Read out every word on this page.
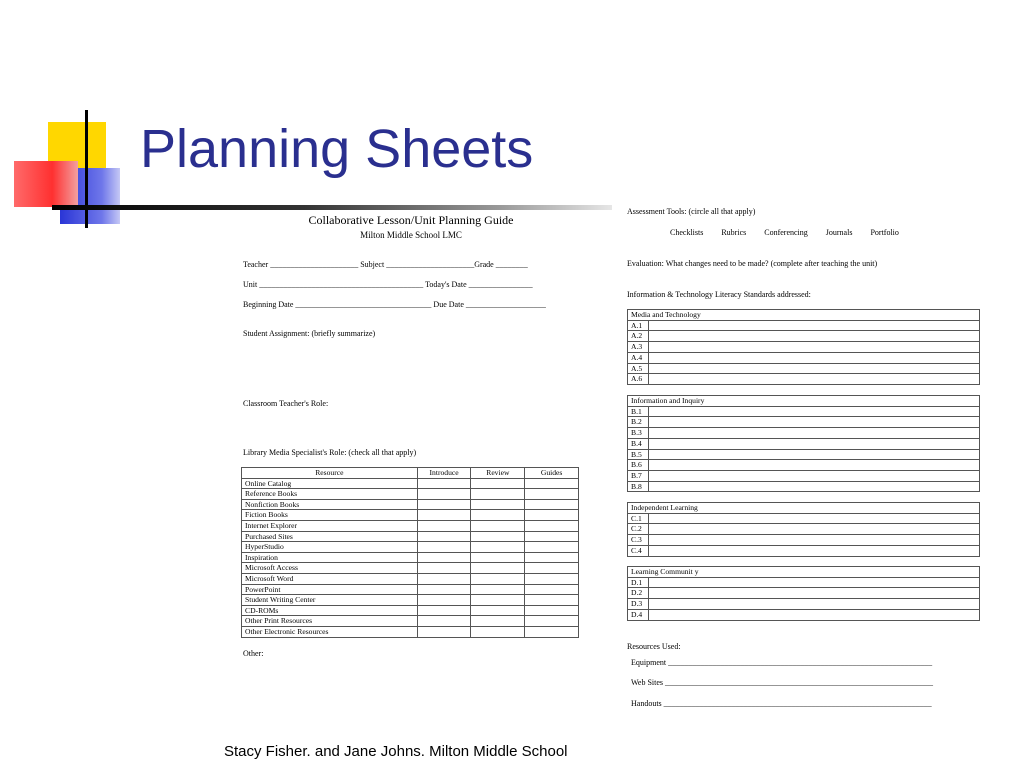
Planning Sheets
Collaborative Lesson/Unit Planning Guide
Milton Middle School LMC
Teacher ______________________ Subject ______________________Grade ________
Unit _________________________________________ Today's Date ________________
Beginning Date __________________________________ Due Date ____________________
Student Assignment: (briefly summarize)
Classroom Teacher's Role:
Library Media Specialist's Role: (check all that apply)
Resource	Introduce	Review	Guides
Online Catalog			
Reference Books			
Nonfiction Books			
Fiction Books			
Internet Explorer			
Purchased Sites			
HyperStudio			
Inspiration			
Microsoft Access			
Microsoft Word			
PowerPoint			
Student Writing Center			
CD-ROMs			
Other Print Resources			
Other Electronic Resources			
Other:
Assessment Tools: (circle all that apply)
Checklists Rubrics Conferencing Journals Portfolio
Evaluation: What changes need to be made? (complete after teaching the unit)
Information & Technology Literacy Standards addressed:
Media and Technology	
A.1	
A.2	
A.3	
A.4	
A.5	
A.6	
Information and Inquiry	
B.1	
B.2	
B.3	
B.4	
B.5	
B.6	
B.7	
B.8	
Independent Learning	
C.1	
C.2	
C.3	
C.4	
Learning Communit y	
D.1	
D.2	
D.3	
D.4	
Resources Used:
Equipment __________________________________________________________________
Web Sites ___________________________________________________________________
Handouts ___________________________________________________________________
Stacy Fisher. and Jane Johns. Milton Middle School
